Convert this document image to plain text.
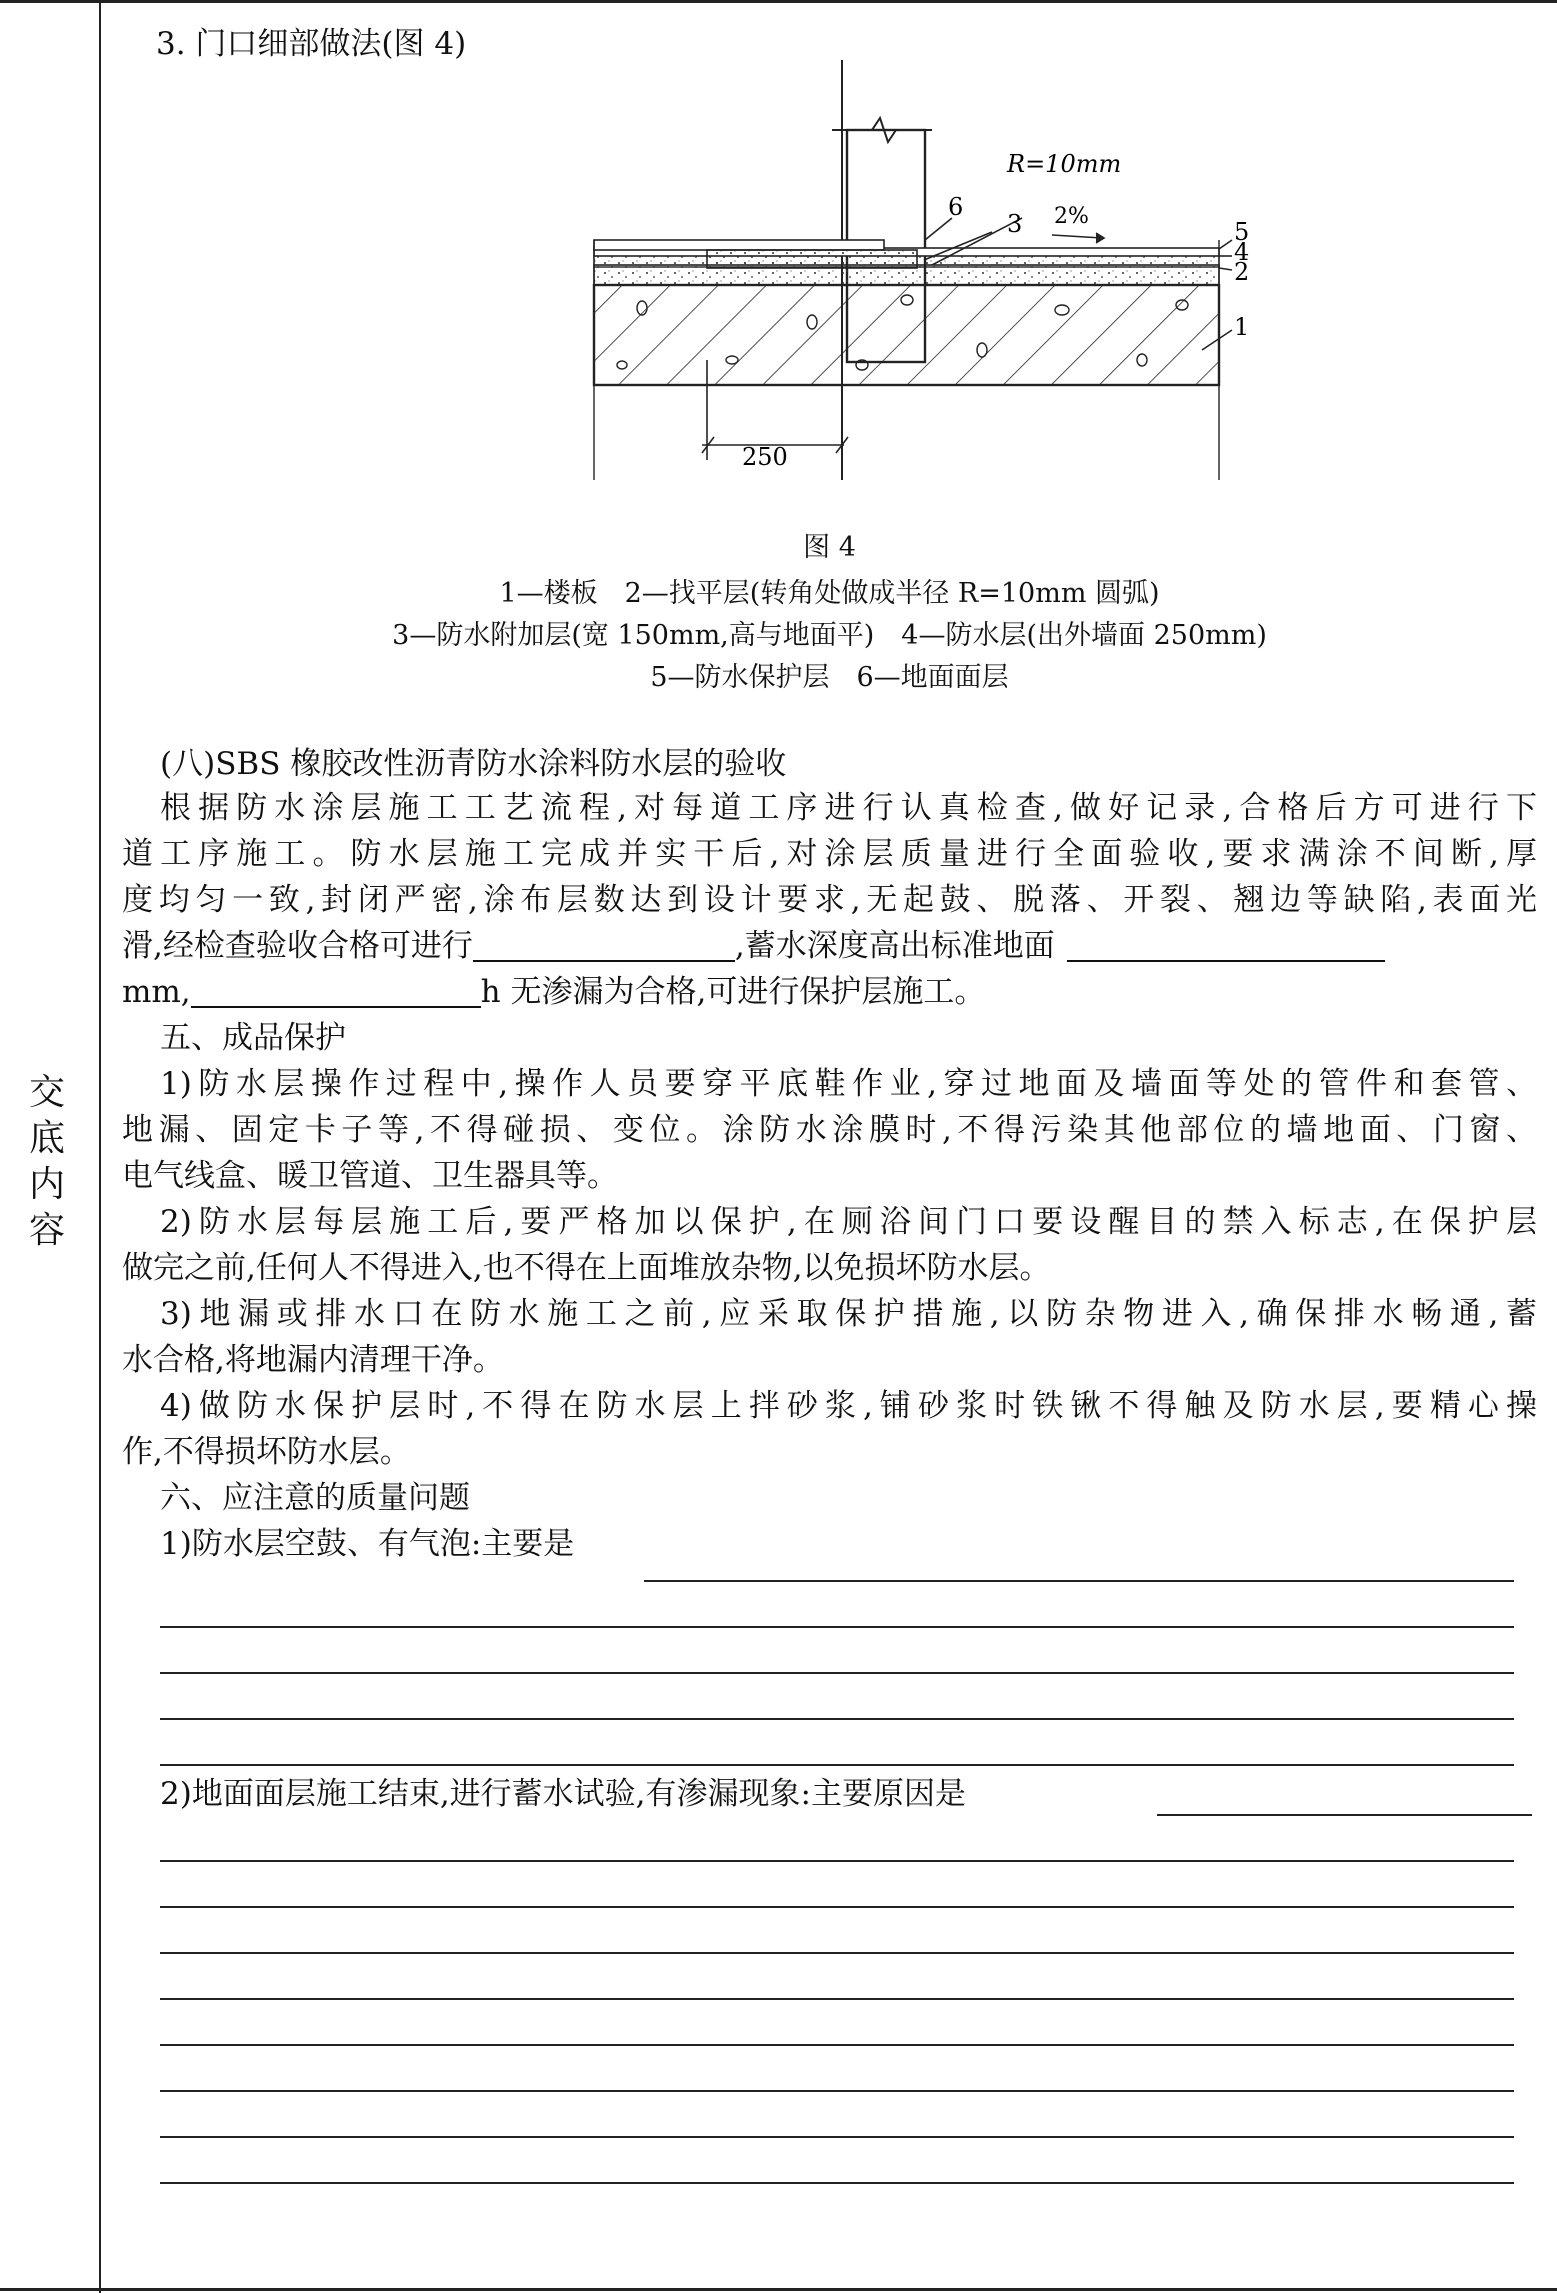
交
底
内
容
3. 门口细部做法(图 4)
R=10mm
2%
6
3	5
4
2
1
250
图 4
1—楼板　2—找平层(转角处做成半径 R=10mm 圆弧)
3—防水附加层(宽 150mm,高与地面平)　4—防水层(出外墙面 250mm)
5—防水保护层　6—地面面层
(八)SBS 橡胶改性沥青防水涂料防水层的验收
根据防水涂层施工工艺流程,对每道工序进行认真检查,做好记录,合格后方可进行下
道工序施工。防水层施工完成并实干后,对涂层质量进行全面验收,要求满涂不间断,厚
度均匀一致,封闭严密,涂布层数达到设计要求,无起鼓、脱落、开裂、翘边等缺陷,表面光
滑,经检查验收合格可进行	,蓄水深度高出标准地面
mm,	h 无渗漏为合格,可进行保护层施工。
五、成品保护
1)防水层操作过程中,操作人员要穿平底鞋作业,穿过地面及墙面等处的管件和套管、
地漏、固定卡子等,不得碰损、变位。涂防水涂膜时,不得污染其他部位的墙地面、门窗、
电气线盒、暖卫管道、卫生器具等。
2)防水层每层施工后,要严格加以保护,在厕浴间门口要设醒目的禁入标志,在保护层
做完之前,任何人不得进入,也不得在上面堆放杂物,以免损坏防水层。
3)地漏或排水口在防水施工之前,应采取保护措施,以防杂物进入,确保排水畅通,蓄
水合格,将地漏内清理干净。
4)做防水保护层时,不得在防水层上拌砂浆,铺砂浆时铁锹不得触及防水层,要精心操
作,不得损坏防水层。
六、应注意的质量问题
1)防水层空鼓、有气泡:主要是
2)地面面层施工结束,进行蓄水试验,有渗漏现象:主要原因是
